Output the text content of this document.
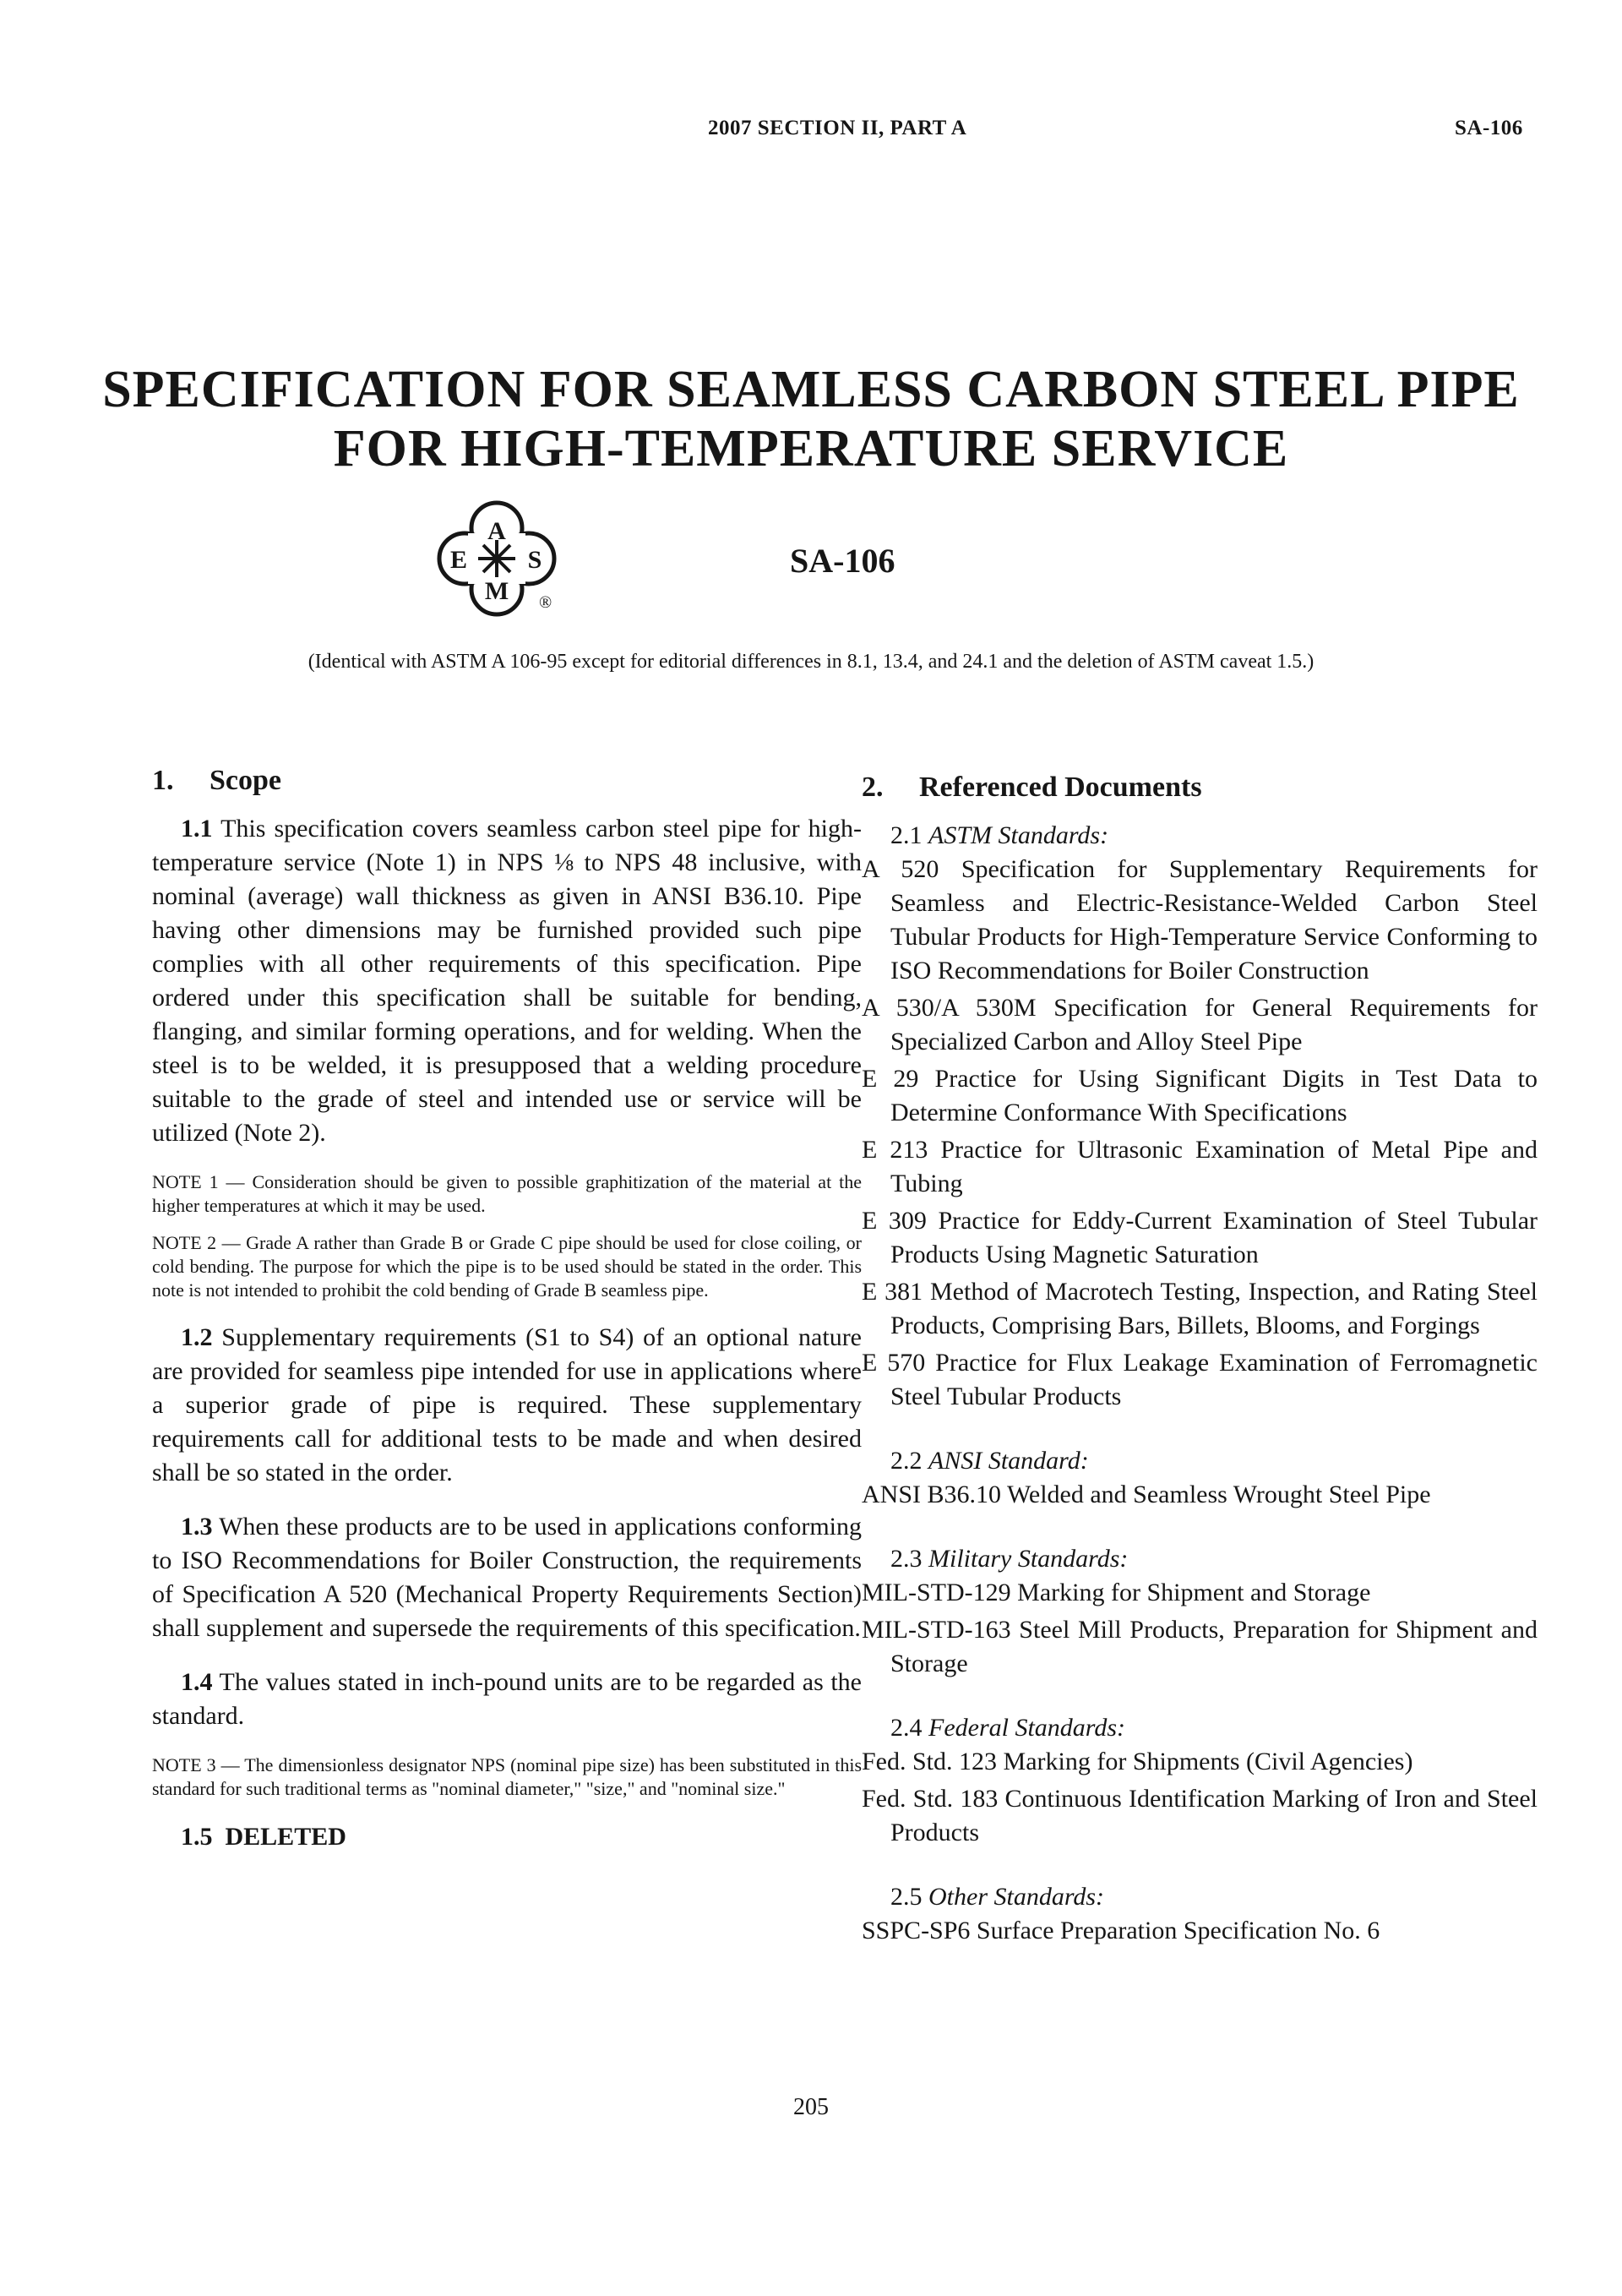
2007 SECTION II, PART A	SA-106
SPECIFICATION FOR SEAMLESS CARBON STEEL PIPE
FOR HIGH-TEMPERATURE SERVICE
A
E S
M ®
SA-106
(Identical with ASTM A 106-95 except for editorial differences in 8.1, 13.4, and 24.1 and the deletion of ASTM caveat 1.5.)
1. Scope

1.1 This specification covers seamless carbon steel pipe for high-temperature service (Note 1) in NPS ⅛ to NPS 48 inclusive, with nominal (average) wall thickness as given in ANSI B36.10. Pipe having other dimensions may be furnished provided such pipe complies with all other requirements of this specification. Pipe ordered under this specification shall be suitable for bending, flanging, and similar forming operations, and for welding. When the steel is to be welded, it is presupposed that a welding procedure suitable to the grade of steel and intended use or service will be utilized (Note 2).

NOTE 1 — Consideration should be given to possible graphitization of the material at the higher temperatures at which it may be used.

NOTE 2 — Grade A rather than Grade B or Grade C pipe should be used for close coiling, or cold bending. The purpose for which the pipe is to be used should be stated in the order. This note is not intended to prohibit the cold bending of Grade B seamless pipe.

1.2 Supplementary requirements (S1 to S4) of an optional nature are provided for seamless pipe intended for use in applications where a superior grade of pipe is required. These supplementary requirements call for additional tests to be made and when desired shall be so stated in the order.

1.3 When these products are to be used in applications conforming to ISO Recommendations for Boiler Construction, the requirements of Specification A 520 (Mechanical Property Requirements Section) shall supplement and supersede the requirements of this specification.

1.4 The values stated in inch-pound units are to be regarded as the standard.

NOTE 3 — The dimensionless designator NPS (nominal pipe size) has been substituted in this standard for such traditional terms as "nominal diameter," "size," and "nominal size."

1.5 DELETED
2. Referenced Documents
2.1 ASTM Standards:

A 520 Specification for Supplementary Requirements for Seamless and Electric-Resistance-Welded Carbon Steel Tubular Products for High-Temperature Service Conforming to ISO Recommendations for Boiler Construction

A 530/A 530M Specification for General Requirements for Specialized Carbon and Alloy Steel Pipe

E 29 Practice for Using Significant Digits in Test Data to Determine Conformance With Specifications

E 213 Practice for Ultrasonic Examination of Metal Pipe and Tubing

E 309 Practice for Eddy-Current Examination of Steel Tubular Products Using Magnetic Saturation

E 381 Method of Macrotech Testing, Inspection, and Rating Steel Products, Comprising Bars, Billets, Blooms, and Forgings

E 570 Practice for Flux Leakage Examination of Ferromagnetic Steel Tubular Products

2.2 ANSI Standard:

ANSI B36.10 Welded and Seamless Wrought Steel Pipe

2.3 Military Standards:

MIL-STD-129 Marking for Shipment and Storage

MIL-STD-163 Steel Mill Products, Preparation for Shipment and Storage

2.4 Federal Standards:

Fed. Std. 123 Marking for Shipments (Civil Agencies)

Fed. Std. 183 Continuous Identification Marking of Iron and Steel Products

2.5 Other Standards:

SSPC-SP6 Surface Preparation Specification No. 6

205
